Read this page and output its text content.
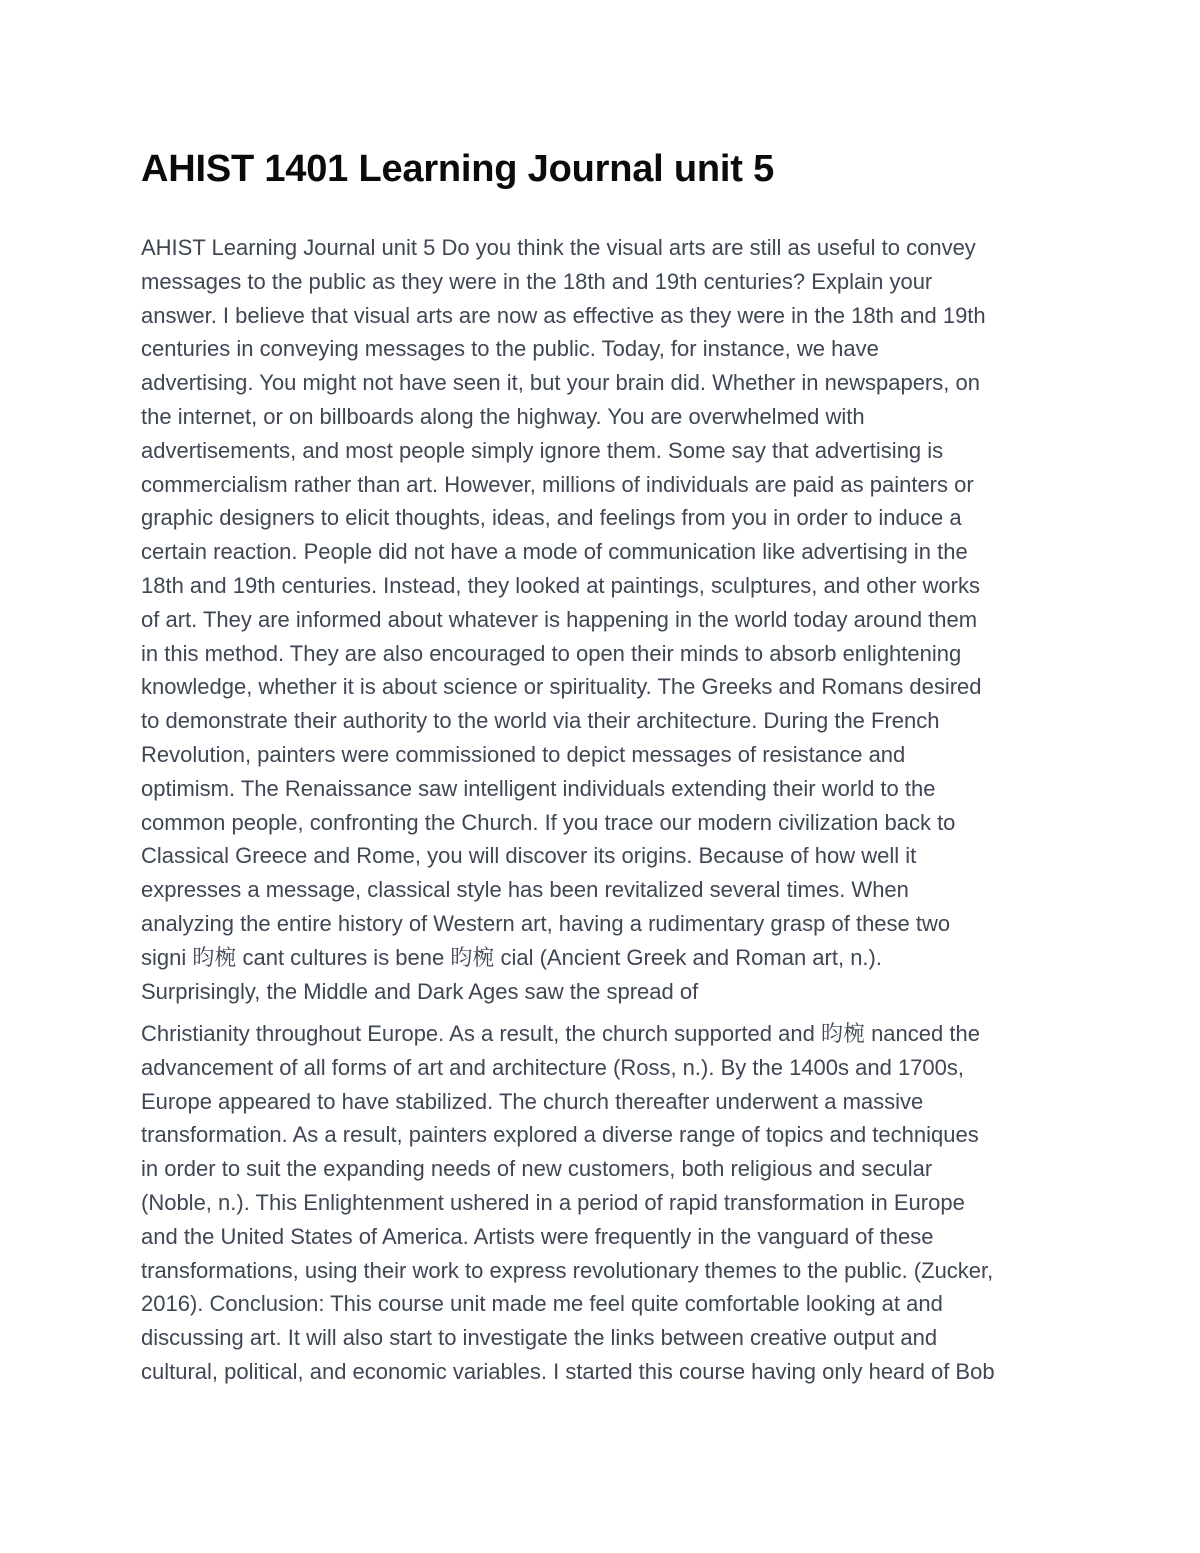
AHIST 1401 Learning Journal unit 5
AHIST Learning Journal unit 5 Do you think the visual arts are still as useful to convey
messages to the public as they were in the 18th and 19th centuries? Explain your
answer. I believe that visual arts are now as effective as they were in the 18th and 19th
centuries in conveying messages to the public. Today, for instance, we have
advertising. You might not have seen it, but your brain did. Whether in newspapers, on
the internet, or on billboards along the highway. You are overwhelmed with
advertisements, and most people simply ignore them. Some say that advertising is
commercialism rather than art. However, millions of individuals are paid as painters or
graphic designers to elicit thoughts, ideas, and feelings from you in order to induce a
certain reaction. People did not have a mode of communication like advertising in the
18th and 19th centuries. Instead, they looked at paintings, sculptures, and other works
of art. They are informed about whatever is happening in the world today around them
in this method. They are also encouraged to open their minds to absorb enlightening
knowledge, whether it is about science or spirituality. The Greeks and Romans desired
to demonstrate their authority to the world via their architecture. During the French
Revolution, painters were commissioned to depict messages of resistance and
optimism. The Renaissance saw intelligent individuals extending their world to the
common people, confronting the Church. If you trace our modern civilization back to
Classical Greece and Rome, you will discover its origins. Because of how well it
expresses a message, classical style has been revitalized several times. When
analyzing the entire history of Western art, having a rudimentary grasp of these two
signi 昀椀 cant cultures is bene 昀椀 cial (Ancient Greek and Roman art, n.).
Surprisingly, the Middle and Dark Ages saw the spread of
Christianity throughout Europe. As a result, the church supported and 昀椀 nanced the
advancement of all forms of art and architecture (Ross, n.). By the 1400s and 1700s,
Europe appeared to have stabilized. The church thereafter underwent a massive
transformation. As a result, painters explored a diverse range of topics and techniques
in order to suit the expanding needs of new customers, both religious and secular
(Noble, n.). This Enlightenment ushered in a period of rapid transformation in Europe
and the United States of America. Artists were frequently in the vanguard of these
transformations, using their work to express revolutionary themes to the public. (Zucker,
2016). Conclusion: This course unit made me feel quite comfortable looking at and
discussing art. It will also start to investigate the links between creative output and
cultural, political, and economic variables. I started this course having only heard of Bob
